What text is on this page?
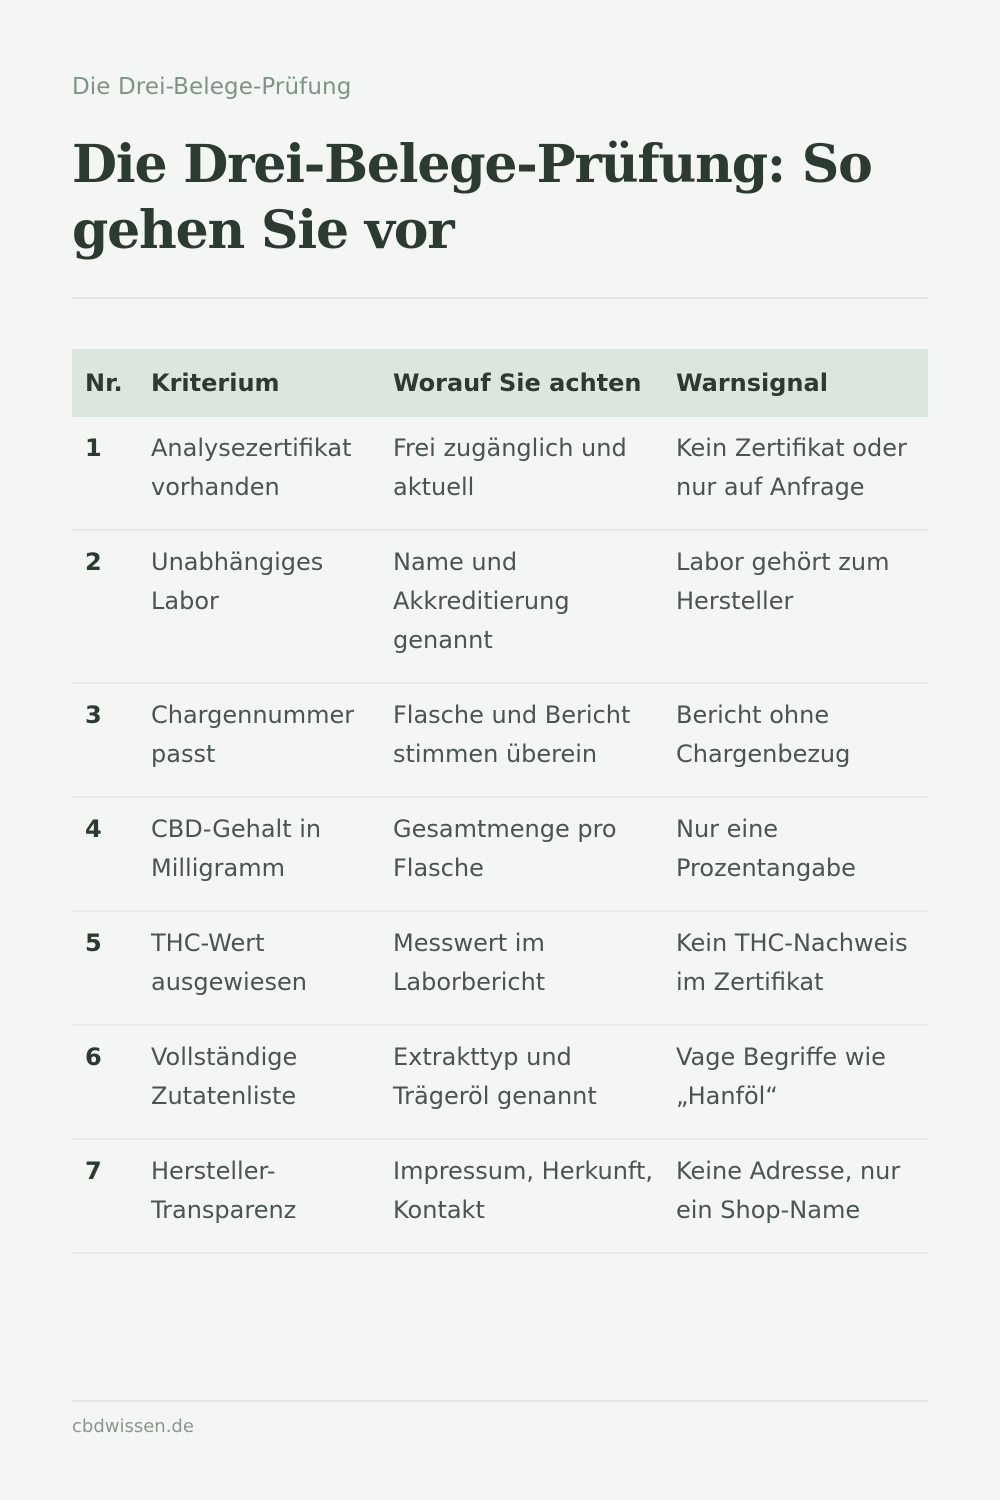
Die Drei-Belege-Prüfung
Die Drei-Belege-Prüfung: So gehen Sie vor
Nr.	Kriterium	Worauf Sie achten	Warnsignal
1	Analysezertifikat vorhanden	Frei zugänglich und aktuell	Kein Zertifikat oder nur auf Anfrage
2	Unabhängiges Labor	Name und Akkreditierung genannt	Labor gehört zum Hersteller
3	Chargennummer passt	Flasche und Bericht stimmen überein	Bericht ohne Chargenbezug
4	CBD-Gehalt in Milligramm	Gesamtmenge pro Flasche	Nur eine Prozentangabe
5	THC-Wert ausgewiesen	Messwert im Laborbericht	Kein THC-Nachweis im Zertifikat
6	Vollständige Zutatenliste	Extrakttyp und Trägeröl genannt	Vage Begriffe wie „Hanföl“
7	Hersteller-Transparenz	Impressum, Herkunft, Kontakt	Keine Adresse, nur ein Shop-Name
cbdwissen.de
